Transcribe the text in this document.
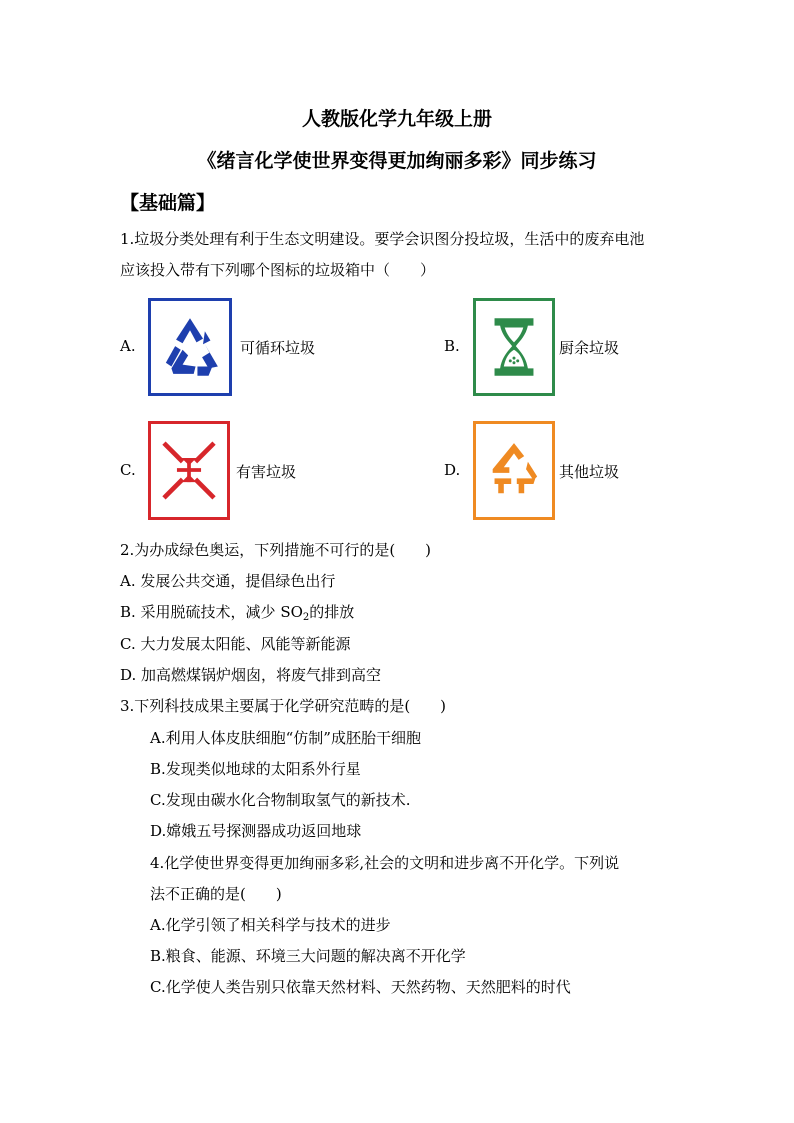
人教版化学九年级上册
《绪言化学使世界变得更加绚丽多彩》同步练习
【基础篇】
1.垃圾分类处理有利于生态文明建设。要学会识图分投垃圾，生活中的废弃电池
应该投入带有下列哪个图标的垃圾箱中（　　）
A.	可循环垃圾	B.	厨余垃圾
C.	有害垃圾	D.	其他垃圾
2.为办成绿色奥运，下列措施不可行的是(　　)
A. 发展公共交通，提倡绿色出行
B. 采用脱硫技术，减少 $SO_2$的排放
C. 大力发展太阳能、风能等新能源
D. 加高燃煤锅炉烟囱，将废气排到高空
3.下列科技成果主要属于化学研究范畴的是(　　)
A.利用人体皮肤细胞“仿制”成胚胎干细胞
B.发现类似地球的太阳系外行星
C.发现由碳水化合物制取氢气的新技术.
D.嫦娥五号探测器成功返回地球
4.化学使世界变得更加绚丽多彩,社会的文明和进步离不开化学。下列说
法不正确的是(　　)
A.化学引领了相关科学与技术的进步
B.粮食、能源、环境三大问题的解决离不开化学
C.化学使人类告别只依靠天然材料、天然药物、天然肥料的时代
